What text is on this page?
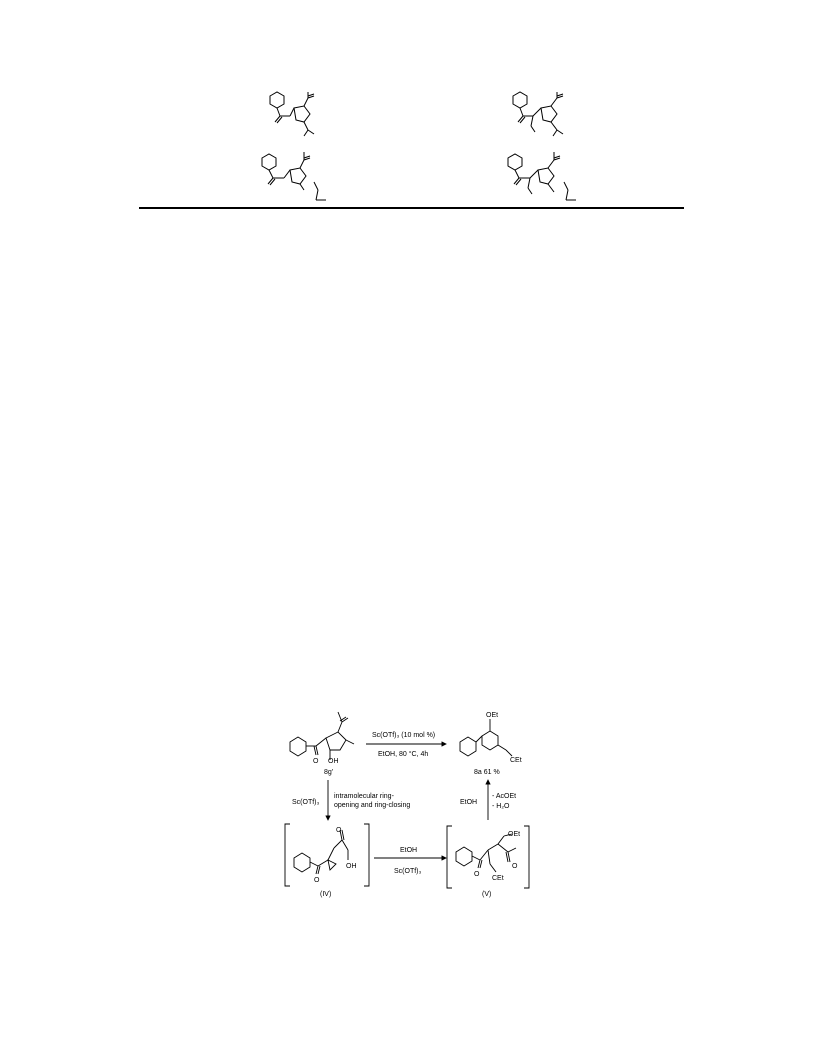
O OH
8g'
Sc(OTf)₃ (10 mol %)
EtOH, 80 °C, 4h
OEt
CEt
8a 61 %
Sc(OTf)₃
intramolecular ring-
opening and ring-closing	EtOH
- AcOEt
- H₂O
O
OH
O
(IV)
EtOH
Sc(OTf)₃
OEt
O
O
CEt
(V)
